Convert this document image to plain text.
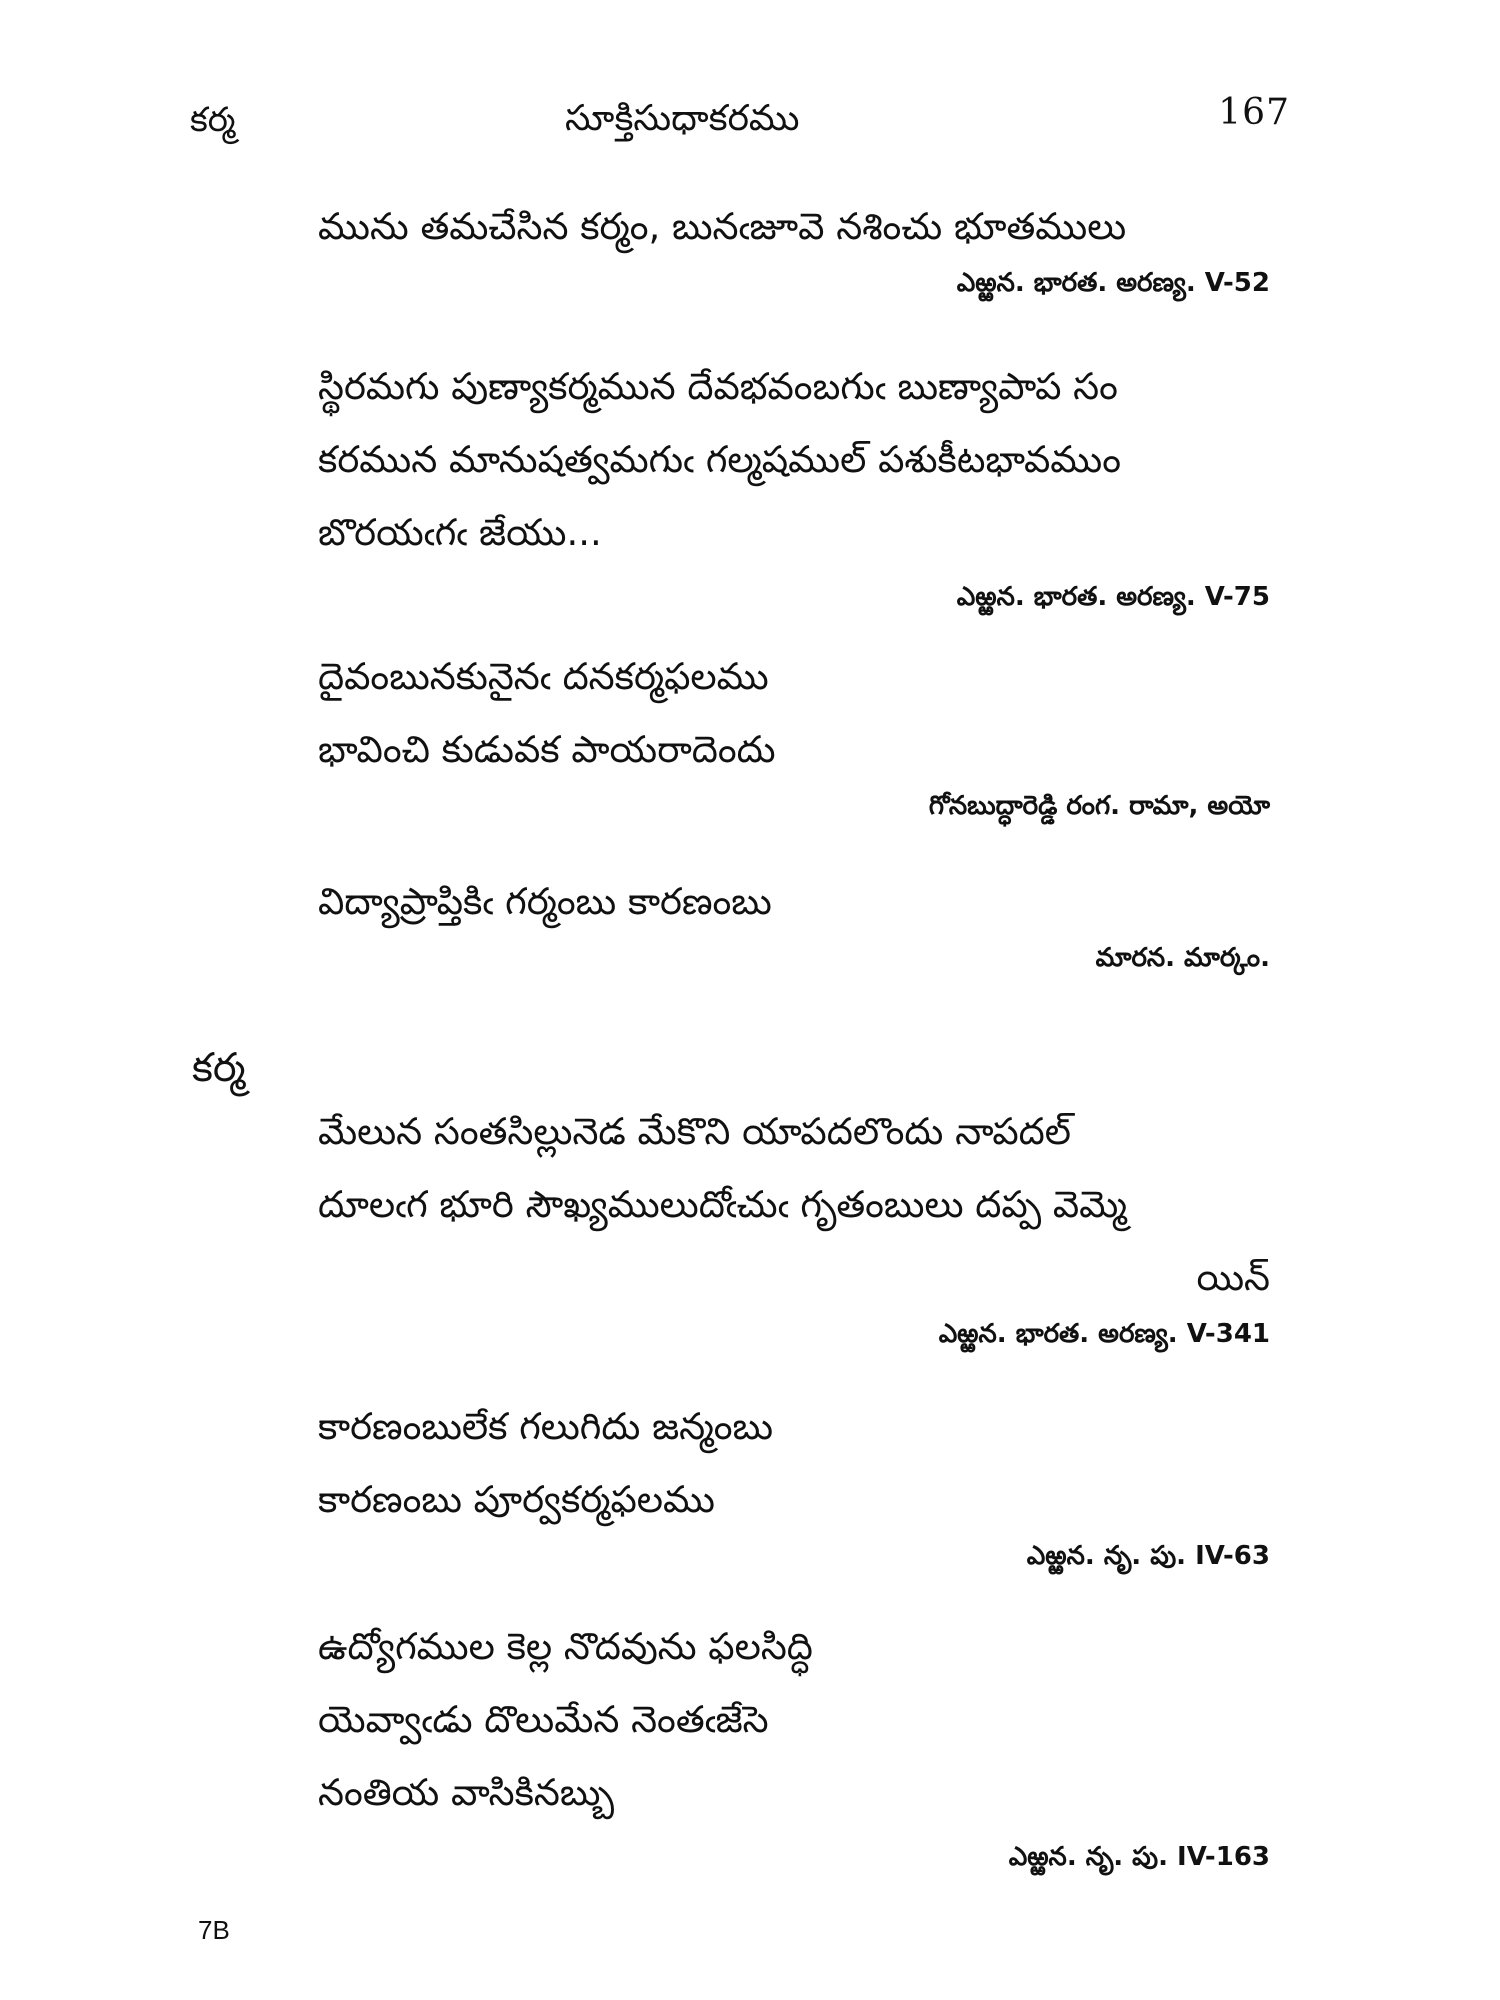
కర్మ	సూక్తిసుధాకరము	167
మును తమచేసిన కర్మం, బునఁజూవె నశించు భూతములు
ఎఱ్ఱన. భారత. అరణ్య. V-52
స్థిరమగు పుణ్యాకర్మమున దేవభవంబగుఁ బుణ్యాపాప సం
కరమున మానుషత్వమగుఁ గల్మషముల్ పశుకీటభావముం
బొరయఁగఁ జేయు...
ఎఱ్ఱన. భారత. అరణ్య. V-75
దైవంబునకునైనఁ దనకర్మఫలము
భావించి కుడువక పాయరాదెందు
గోనబుద్ధారెడ్డి రంగ. రామా, అయో
విద్యాప్రాప్తికిఁ గర్మంబు కారణంబు
మారన. మార్కం.
కర్మ
మేలున సంతసిల్లునెడ మేకొని యాపదలొందు నాపదల్
దూలఁగ భూరి సౌఖ్యములుదోఁచుఁ గృతంబులు దప్ప వెమ్మె
యిన్
ఎఱ్ఱన. భారత. అరణ్య. V-341
కారణంబులేక గలుగిదు జన్మంబు
కారణంబు పూర్వకర్మఫలము
ఎఱ్ఱన. నృ. పు. IV-63
ఉద్యోగముల కెల్ల నొదవును ఫలసిద్ధి
యెవ్వాఁడు దొలుమేన నెంతఁజేసె
నంతియ వాసికినబ్బు
ఎఱ్ఱన. నృ. పు. IV-163
7B
